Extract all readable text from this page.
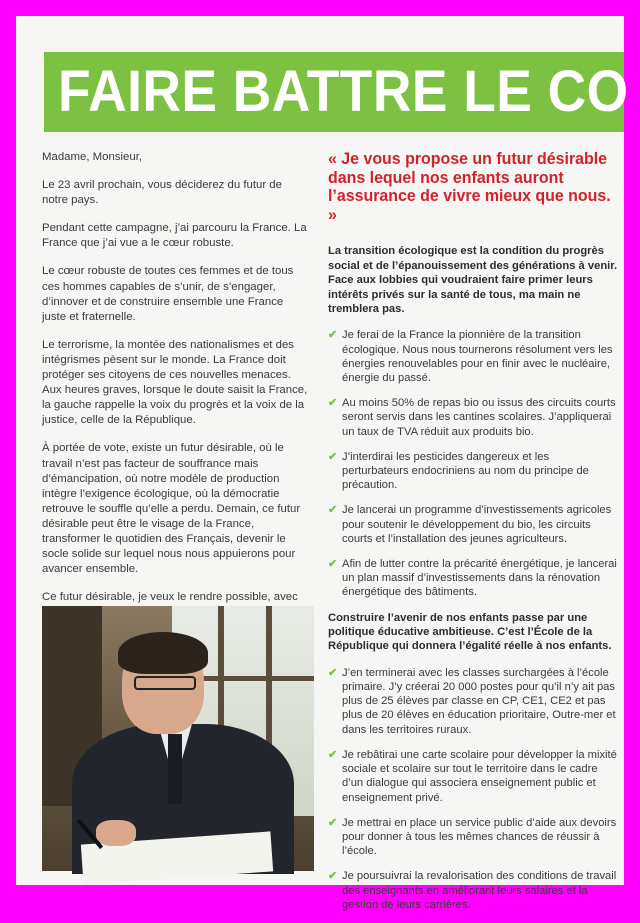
FAIRE BATTRE LE CO

Madame, Monsieur,

Le 23 avril prochain, vous déciderez du futur de notre pays.

Pendant cette campagne, j’ai parcouru la France. La France que j’ai vue a le cœur robuste.

Le cœur robuste de toutes ces femmes et de tous ces hommes capables de s’unir, de s’engager, d’innover et de construire ensemble une France juste et fraternelle.

Le terrorisme, la montée des nationalismes et des intégrismes pèsent sur le monde. La France doit protéger ses citoyens de ces nouvelles menaces. Aux heures graves, lorsque le doute saisit la France, la gauche rappelle la voix du progrès et la voix de la justice, celle de la République.

À portée de vote, existe un futur désirable, où le travail n’est pas facteur de souffrance mais d’émancipation, où notre modèle de production intègre l’exigence écologique, où la démocratie retrouve le souffle qu’elle a perdu. Demain, ce futur désirable peut être le visage de la France, transformer le quotidien des Français, devenir le socle solide sur lequel nous nous appuierons pour avancer ensemble.

Ce futur désirable, je veux le rendre possible, avec

« Je vous propose un futur désirable dans lequel nos enfants auront l’assurance de vivre mieux que nous. »
La transition écologique est la condition du progrès social et de l’épanouissement des générations à venir. Face aux lobbies qui voudraient faire primer leurs intérêts privés sur la santé de tous, ma main ne tremblera pas.
✔ Je ferai de la France la pionnière de la transition écologique. Nous nous tournerons résolument vers les énergies renouvelables pour en finir avec le nucléaire, énergie du passé.
✔ Au moins 50% de repas bio ou issus des circuits courts seront servis dans les cantines scolaires. J’appliquerai un taux de TVA réduit aux produits bio.
✔ J’interdirai les pesticides dangereux et les perturbateurs endocriniens au nom du principe de précaution.
✔ Je lancerai un programme d’investissements agricoles pour soutenir le développement du bio, les circuits courts et l’installation des jeunes agriculteurs.
✔ Afin de lutter contre la précarité énergétique, je lancerai un plan massif d’investissements dans la rénovation énergétique des bâtiments.
Construire l’avenir de nos enfants passe par une politique éducative ambitieuse. C’est l’École de la République qui donnera l’égalité réelle à nos enfants.
✔ J’en terminerai avec les classes surchargées à l’école primaire. J’y créerai 20 000 postes pour qu’il n’y ait pas plus de 25 élèves par classe en CP, CE1, CE2 et pas plus de 20 élèves en éducation prioritaire, Outre-mer et dans les territoires ruraux.
✔ Je rebâtirai une carte scolaire pour développer la mixité sociale et scolaire sur tout le territoire dans le cadre d’un dialogue qui associera enseignement public et enseignement privé.
✔ Je mettrai en place un service public d’aide aux devoirs pour donner à tous les mêmes chances de réussir à l’école.
✔ Je poursuivrai la revalorisation des conditions de travail des enseignants en améliorant leurs salaires et la gestion de leurs carrières.
